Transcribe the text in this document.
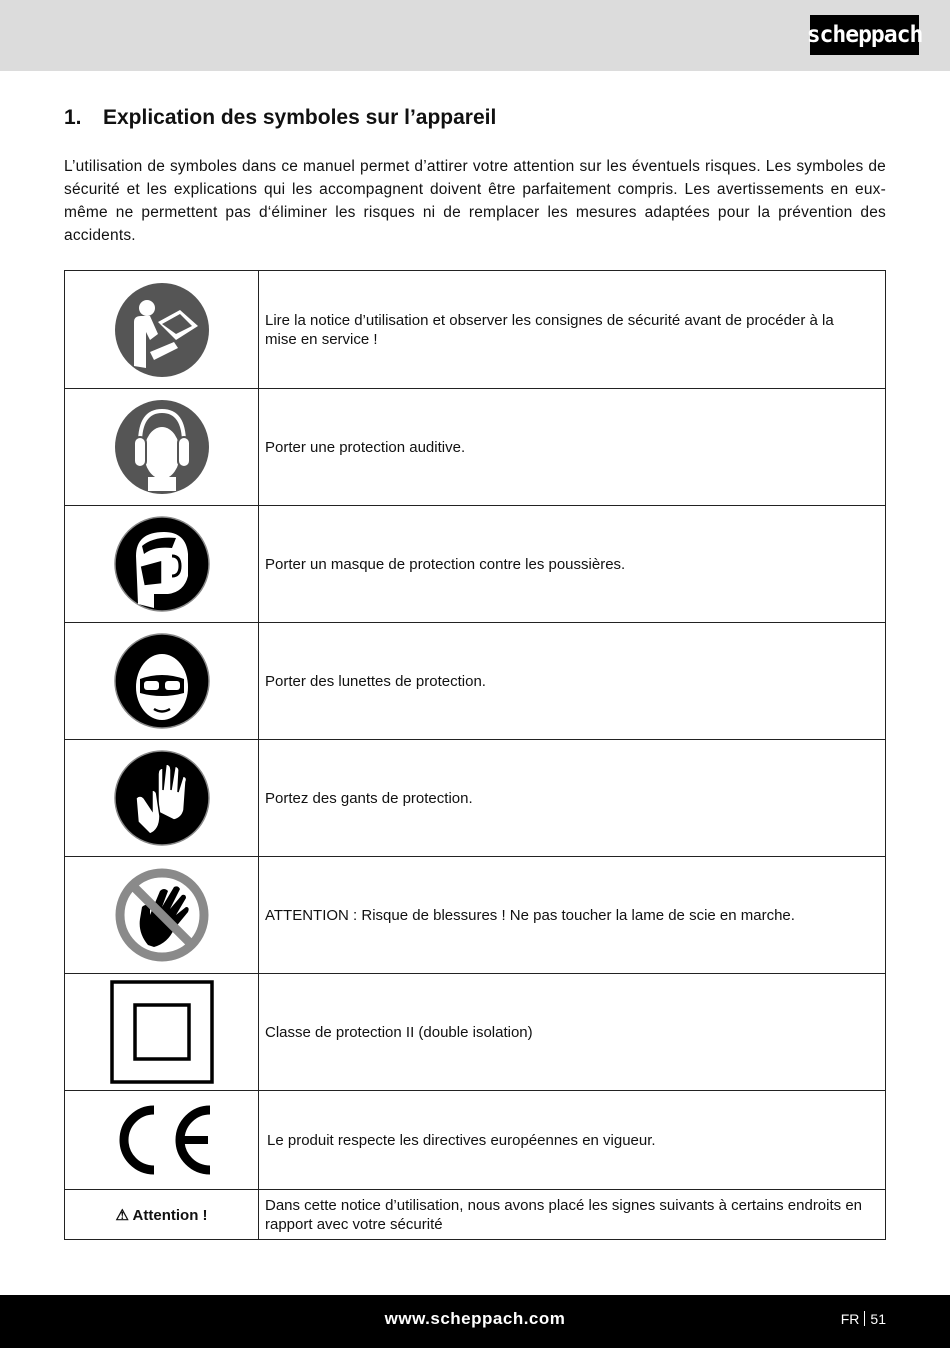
scheppach
1. Explication des symboles sur l’appareil

L’utilisation de symboles dans ce manuel permet d’attirer votre attention sur les éventuels risques. Les symboles de sécurité et les explications qui les accompagnent doivent être parfaitement compris. Les avertissements en eux-même ne permettent pas d‘éliminer les risques ni de remplacer les mesures adaptées pour la prévention des accidents.

	Lire la notice d’utilisation et observer les consignes de sécurité avant de procéder à la mise en service !

	Porter une protection auditive.

	Porter un masque de protection contre les poussières.

	Porter des lunettes de protection.

	Portez des gants de protection.

	ATTENTION : Risque de blessures ! Ne pas toucher la lame de scie en marche.

	Classe de protection II (double isolation)

	Le produit respecte les directives européennes en vigueur.
⚠ Attention !	Dans cette notice d’utilisation, nous avons placé les signes suivants à certains endroits en rapport avec votre sécurité
www.scheppach.com	FR 51
